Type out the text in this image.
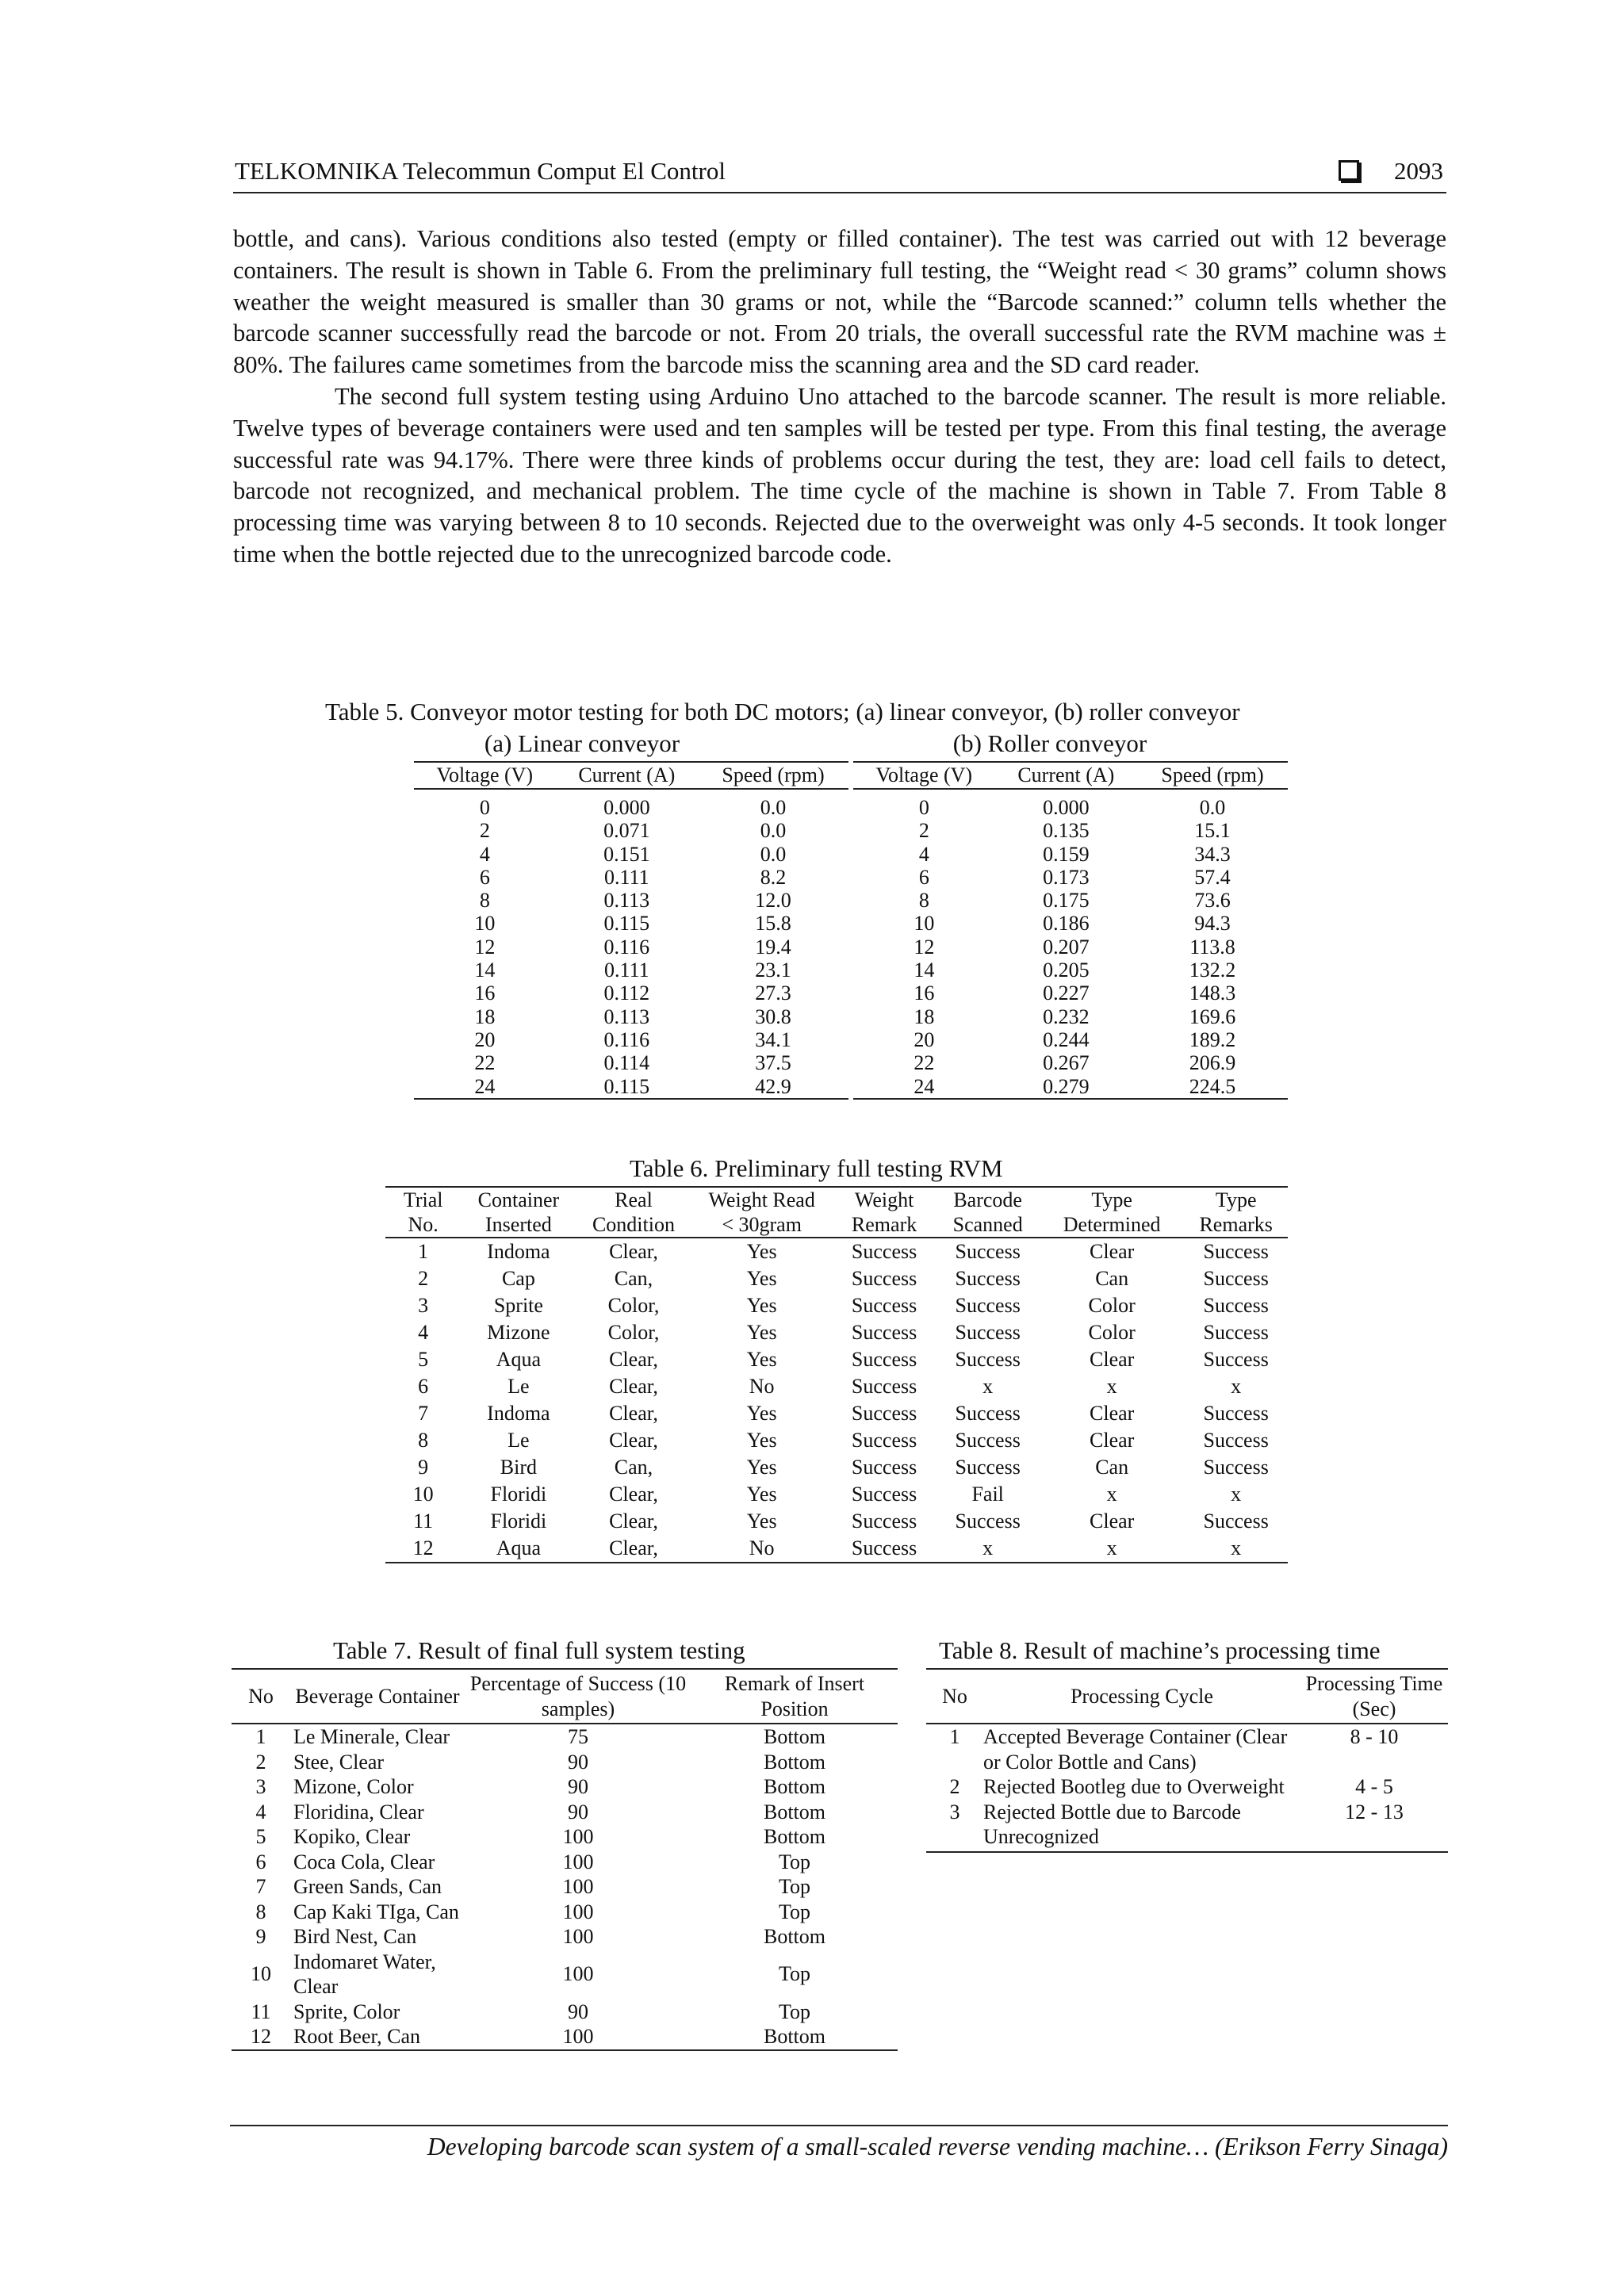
TELKOMNIKA Telecommun Comput El Control	2093

bottle, and cans). Various conditions also tested (empty or filled container). The test was carried out with 12 beverage containers. The result is shown in Table 6. From the preliminary full testing, the “Weight read < 30 grams” column shows weather the weight measured is smaller than 30 grams or not, while the “Barcode scanned:” column tells whether the barcode scanner successfully read the barcode or not. From 20 trials, the overall successful rate the RVM machine was ± 80%. The failures came sometimes from the barcode miss the scanning area and the SD card reader.

The second full system testing using Arduino Uno attached to the barcode scanner. The result is more reliable. Twelve types of beverage containers were used and ten samples will be tested per type. From this final testing, the average successful rate was 94.17%. There were three kinds of problems occur during the test, they are: load cell fails to detect, barcode not recognized, and mechanical problem. The time cycle of the machine is shown in Table 7. From Table 8 processing time was varying between 8 to 10 seconds. Rejected due to the overweight was only 4-5 seconds. It took longer time when the bottle rejected due to the unrecognized barcode code.

Table 5. Conveyor motor testing for both DC motors; (a) linear conveyor, (b) roller conveyor
(a) Linear conveyor	(b) Roller conveyor
Voltage (V)	Current (A)	Speed (rpm)
0	0.000	0.0
2	0.071	0.0
4	0.151	0.0
6	0.111	8.2
8	0.113	12.0
10	0.115	15.8
12	0.116	19.4
14	0.111	23.1
16	0.112	27.3
18	0.113	30.8
20	0.116	34.1
22	0.114	37.5
24	0.115	42.9
Voltage (V)	Current (A)	Speed (rpm)
0	0.000	0.0
2	0.135	15.1
4	0.159	34.3
6	0.173	57.4
8	0.175	73.6
10	0.186	94.3
12	0.207	113.8
14	0.205	132.2
16	0.227	148.3
18	0.232	169.6
20	0.244	189.2
22	0.267	206.9
24	0.279	224.5
Table 6. Preliminary full testing RVM
Trial	Container	Real	Weight Read	Weight	Barcode	Type	Type
No.	Inserted	Condition	< 30gram	Remark	Scanned	Determined	Remarks
1	Indoma	Clear,	Yes	Success	Success	Clear	Success
2	Cap	Can,	Yes	Success	Success	Can	Success
3	Sprite	Color,	Yes	Success	Success	Color	Success
4	Mizone	Color,	Yes	Success	Success	Color	Success
5	Aqua	Clear,	Yes	Success	Success	Clear	Success
6	Le	Clear,	No	Success	x	x	x
7	Indoma	Clear,	Yes	Success	Success	Clear	Success
8	Le	Clear,	Yes	Success	Success	Clear	Success
9	Bird	Can,	Yes	Success	Success	Can	Success
10	Floridi	Clear,	Yes	Success	Fail	x	x
11	Floridi	Clear,	Yes	Success	Success	Clear	Success
12	Aqua	Clear,	No	Success	x	x	x
Table 7. Result of final full system testing
No	Beverage Container	Percentage of Success (10 samples)	Remark of Insert Position
1	Le Minerale, Clear	75	Bottom
2	Stee, Clear	90	Bottom
3	Mizone, Color	90	Bottom
4	Floridina, Clear	90	Bottom
5	Kopiko, Clear	100	Bottom
6	Coca Cola, Clear	100	Top
7	Green Sands, Can	100	Top
8	Cap Kaki TIga, Can	100	Top
9	Bird Nest, Can	100	Bottom
10	Indomaret Water, Clear	100	Top
11	Sprite, Color	90	Top
12	Root Beer, Can	100	Bottom
Table 8. Result of machine’s processing time
No	Processing Cycle	Processing Time (Sec)
1	Accepted Beverage Container (Clear or Color Bottle and Cans)	8 - 10
2	Rejected Bootleg due to Overweight	4 - 5
3	Rejected Bottle due to Barcode Unrecognized	12 - 13
Developing barcode scan system of a small-scaled reverse vending machine… (Erikson Ferry Sinaga)
